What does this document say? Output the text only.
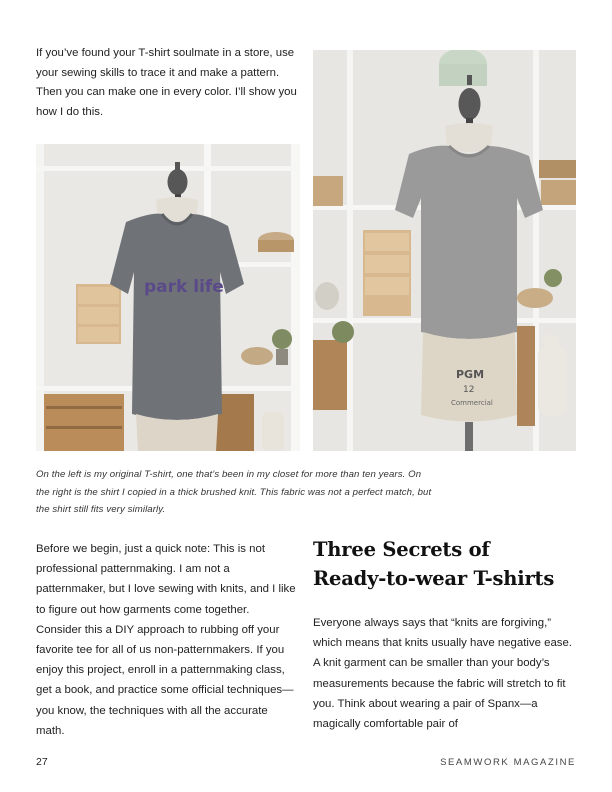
If you’ve found your T-shirt soulmate in a store, use your sewing skills to trace it and make a pattern. Then you can make one in every color. I’ll show you how I do this.
park life
PGM
12
Commercial
On the left is my original T-shirt, one that’s been in my closet for more than ten years. On the right is the shirt I copied in a thick brushed knit. This fabric was not a perfect match, but the shirt still fits very similarly.
Before we begin, just a quick note: This is not professional patternmaking. I am not a patternmaker, but I love sewing with knits, and I like to figure out how garments come together. Consider this a DIY approach to rubbing off your favorite tee for all of us non-patternmakers. If you enjoy this project, enroll in a patternmaking class, get a book, and practice some official techniques—you know, the techniques with all the accurate math.
Three Secrets of
Ready-to-wear T-shirts
Everyone always says that “knits are forgiving,” which means that knits usually have negative ease. A knit garment can be smaller than your body’s measurements because the fabric will stretch to fit you. Think about wearing a pair of Spanx—a magically comfortable pair of
27	SEAMWORK MAGAZINE
